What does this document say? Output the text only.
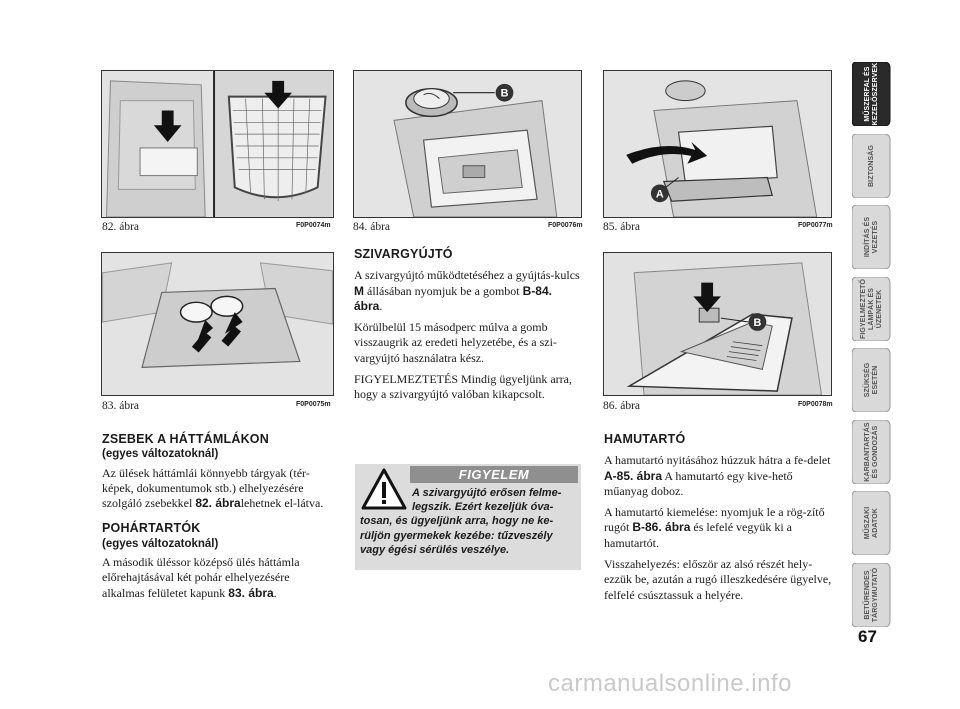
82. ábra	F0P0074m
B
84. ábra	F0P0076m
A
85. ábra	F0P0077m
83. ábra	F0P0075m
B
86. ábra	F0P0078m
ZSEBEK A HÁTTÁMLÁKON
(egyes változatoknál)

Az ülések háttámlái könnyebb tárgyak (tér-képek, dokumentumok stb.) elhelyezésére szolgáló zsebekkel 82. ábralehetnek el-látva.

POHÁRTARTÓK
(egyes változatoknál)

A második üléssor középső ülés háttámla előrehajtásával két pohár elhelyezésére alkalmas felületet kapunk 83. ábra.

SZIVARGYÚJTÓ

A szivargyújtó működtetéséhez a gyújtás-kulcs M állásában nyomjuk be a gombot B-84. ábra.

Körülbelül 15 másodperc múlva a gomb visszaugrik az eredeti helyzetébe, és a szi-vargyújtó használatra kész.

FIGYELMEZTETÉS Mindig ügyeljünk arra, hogy a szivargyújtó valóban kikapcsolt.

FIGYELEM
A szivargyújtó erősen felme-
legszik. Ezért kezeljük óva-
tosan, és ügyeljünk arra, hogy ne ke-rüljön gyermekek kezébe: tűzveszély vagy égési sérülés veszélye.
HAMUTARTÓ

A hamutartó nyitásához húzzuk hátra a fe-delet A-85. ábra A hamutartó egy kive-hető műanyag doboz.

A hamutartó kiemelése: nyomjuk le a rög-zítő rugót B-86. ábra és lefelé vegyük ki a hamutartót.

Visszahelyezés: először az alsó részét hely-ezzük be, azután a rugó illeszkedésére ügyelve, felfelé csúsztassuk a helyére.

MŰSZERFAL ÉS KEZELŐSZERVEK
BIZTONSÁG
INDÍTÁS ÉS VEZETÉS
FIGYELMEZTETŐ LÁMPÁK ÉS ÜZENETEK
SZÜKSÉG ESETÉN
KARBANTARTÁS ÉS GONDOZÁS
MŰSZAKI ADATOK
BETŰRENDES TÁRGYMUTATÓ
67
carmanualsonline.info
